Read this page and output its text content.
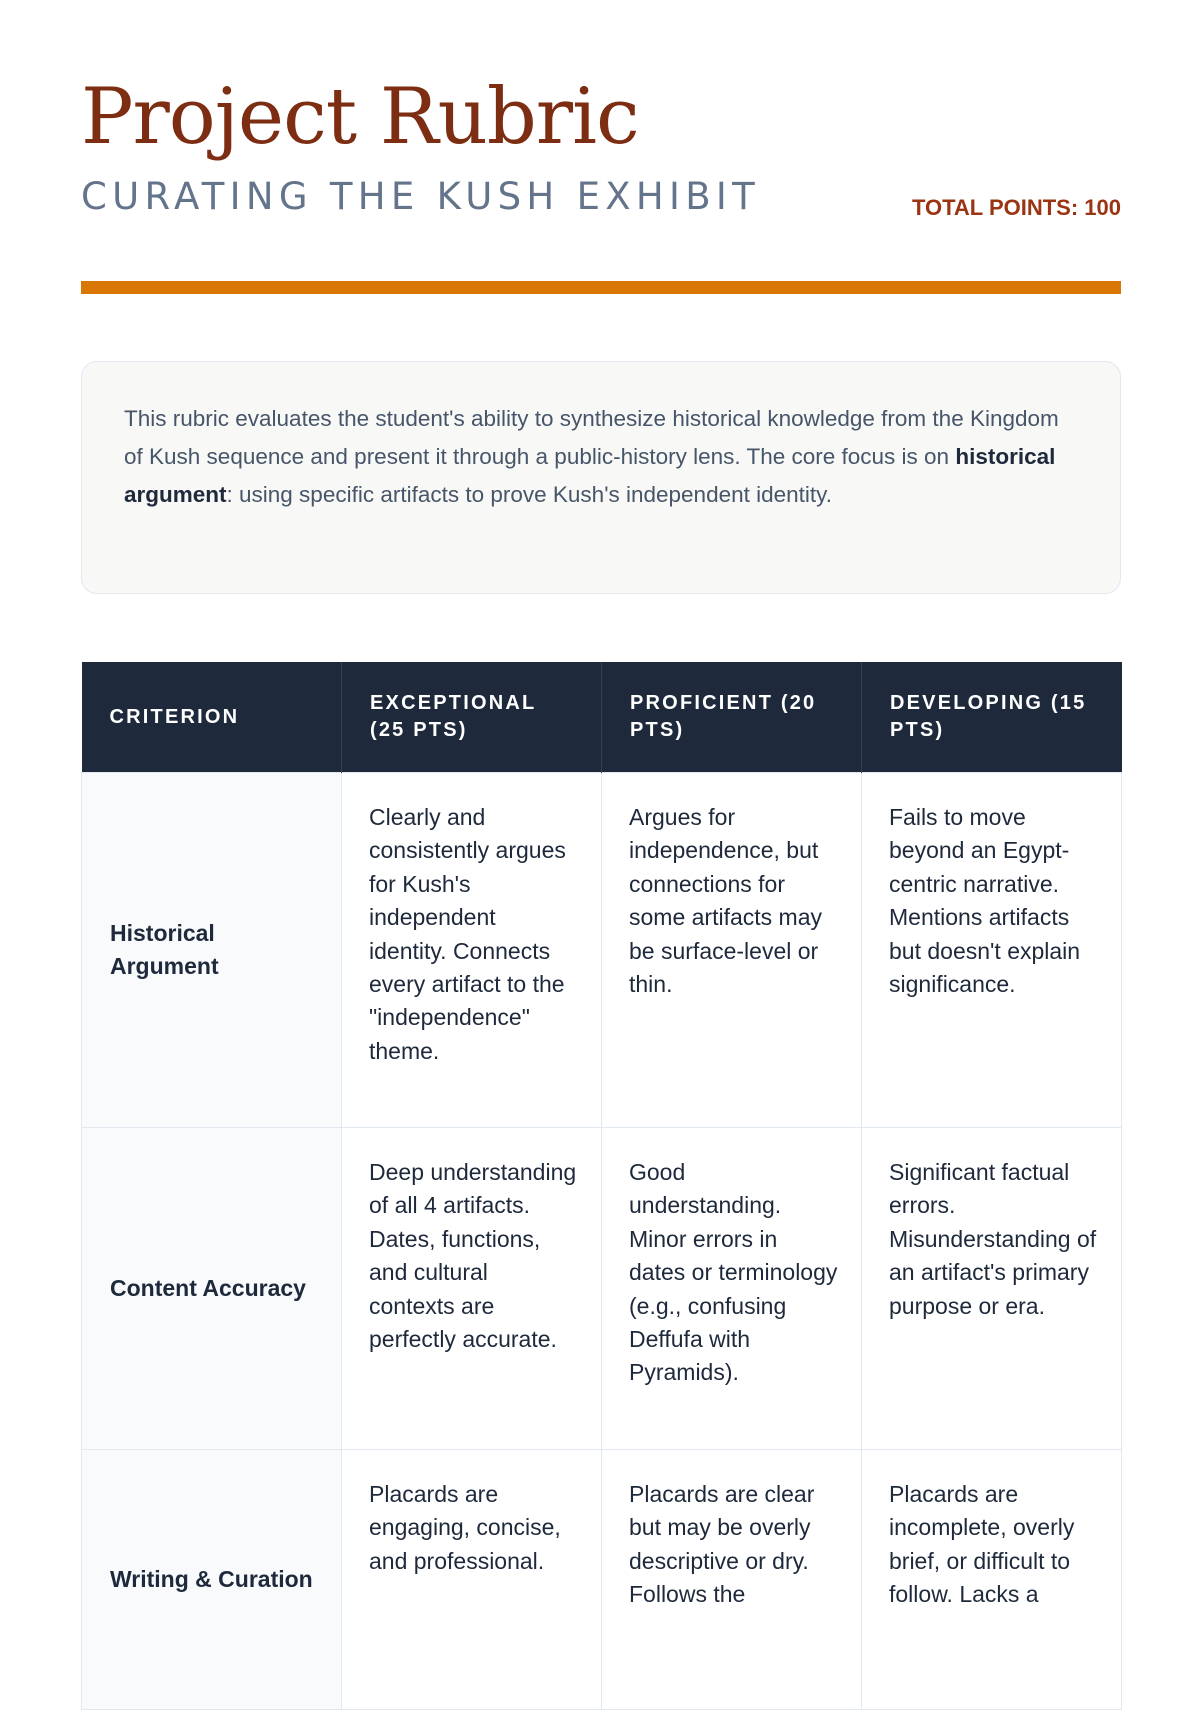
Project Rubric
CURATING THE KUSH EXHIBIT	TOTAL POINTS: 100

This rubric evaluates the student's ability to synthesize historical knowledge from the Kingdom of Kush sequence and present it through a public-history lens. The core focus is on historical argument: using specific artifacts to prove Kush's independent identity.

CRITERION	EXCEPTIONAL (25 PTS)	PROFICIENT (20 PTS)	DEVELOPING (15 PTS)
Historical Argument	Clearly and consistently argues for Kush's independent identity. Connects every artifact to the "independence" theme.	Argues for independence, but connections for some artifacts may be surface-level or thin.	Fails to move beyond an Egypt-centric narrative. Mentions artifacts but doesn't explain significance.
Content Accuracy	Deep understanding of all 4 artifacts. Dates, functions, and cultural contexts are perfectly accurate.	Good understanding. Minor errors in dates or terminology (e.g., confusing Deffufa with Pyramids).	Significant factual errors. Misunderstanding of an artifact's primary purpose or era.
Writing & Curation	Placards are engaging, concise, and professional.	Placards are clear but may be overly descriptive or dry. Follows the	Placards are incomplete, overly brief, or difficult to follow. Lacks a
